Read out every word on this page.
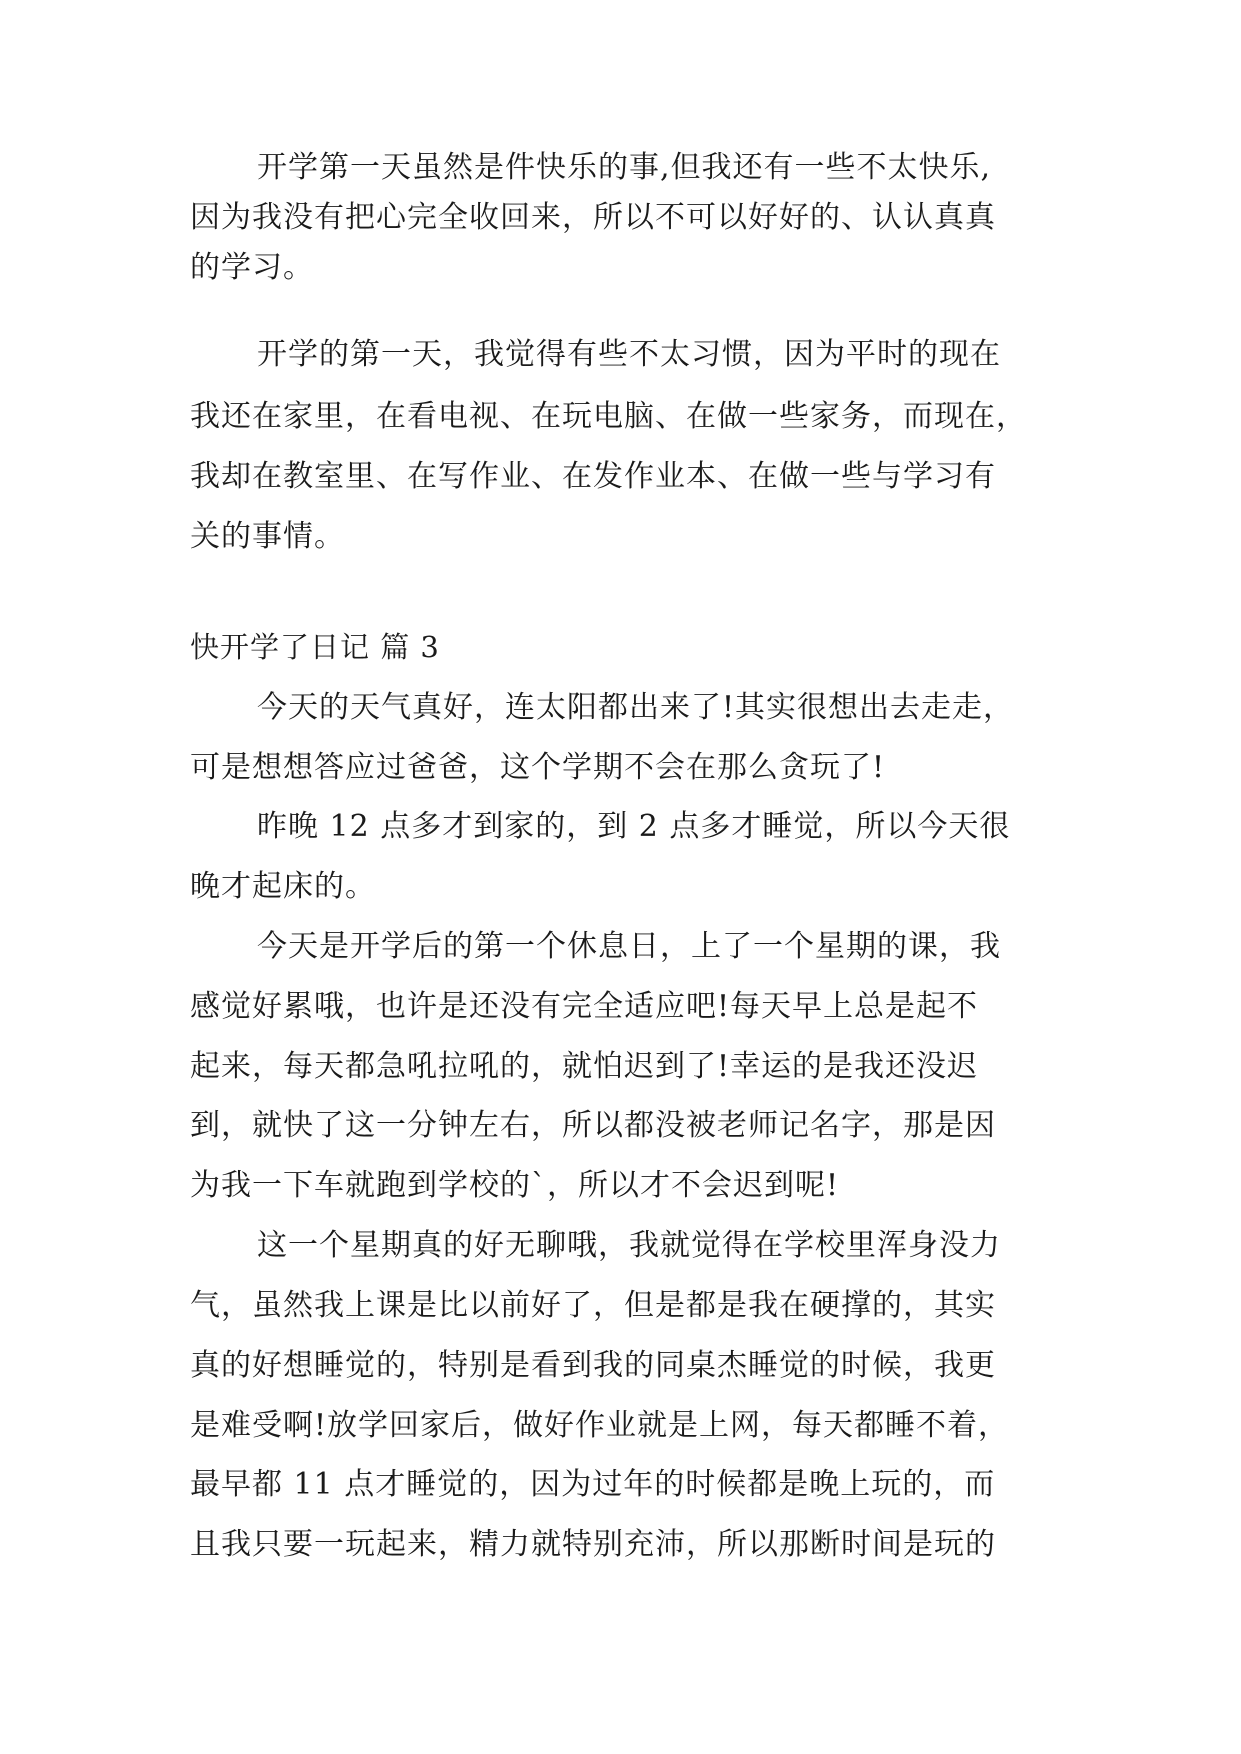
开学第一天虽然是件快乐的事,但我还有一些不太快乐,
因为我没有把心完全收回来，所以不可以好好的、认认真真
的学习。
开学的第一天，我觉得有些不太习惯，因为平时的现在
我还在家里，在看电视、在玩电脑、在做一些家务，而现在，
我却在教室里、在写作业、在发作业本、在做一些与学习有
关的事情。
快开学了日记 篇 3
今天的天气真好，连太阳都出来了!其实很想出去走走，
可是想想答应过爸爸，这个学期不会在那么贪玩了!
昨晚 12 点多才到家的，到 2 点多才睡觉，所以今天很
晚才起床的。
今天是开学后的第一个休息日，上了一个星期的课，我
感觉好累哦，也许是还没有完全适应吧!每天早上总是起不
起来，每天都急吼拉吼的，就怕迟到了!幸运的是我还没迟
到，就快了这一分钟左右，所以都没被老师记名字，那是因
为我一下车就跑到学校的`，所以才不会迟到呢!
这一个星期真的好无聊哦，我就觉得在学校里浑身没力
气，虽然我上课是比以前好了，但是都是我在硬撑的，其实
真的好想睡觉的，特别是看到我的同桌杰睡觉的时候，我更
是难受啊!放学回家后，做好作业就是上网，每天都睡不着，
最早都 11 点才睡觉的，因为过年的时候都是晚上玩的，而
且我只要一玩起来，精力就特别充沛，所以那断时间是玩的
